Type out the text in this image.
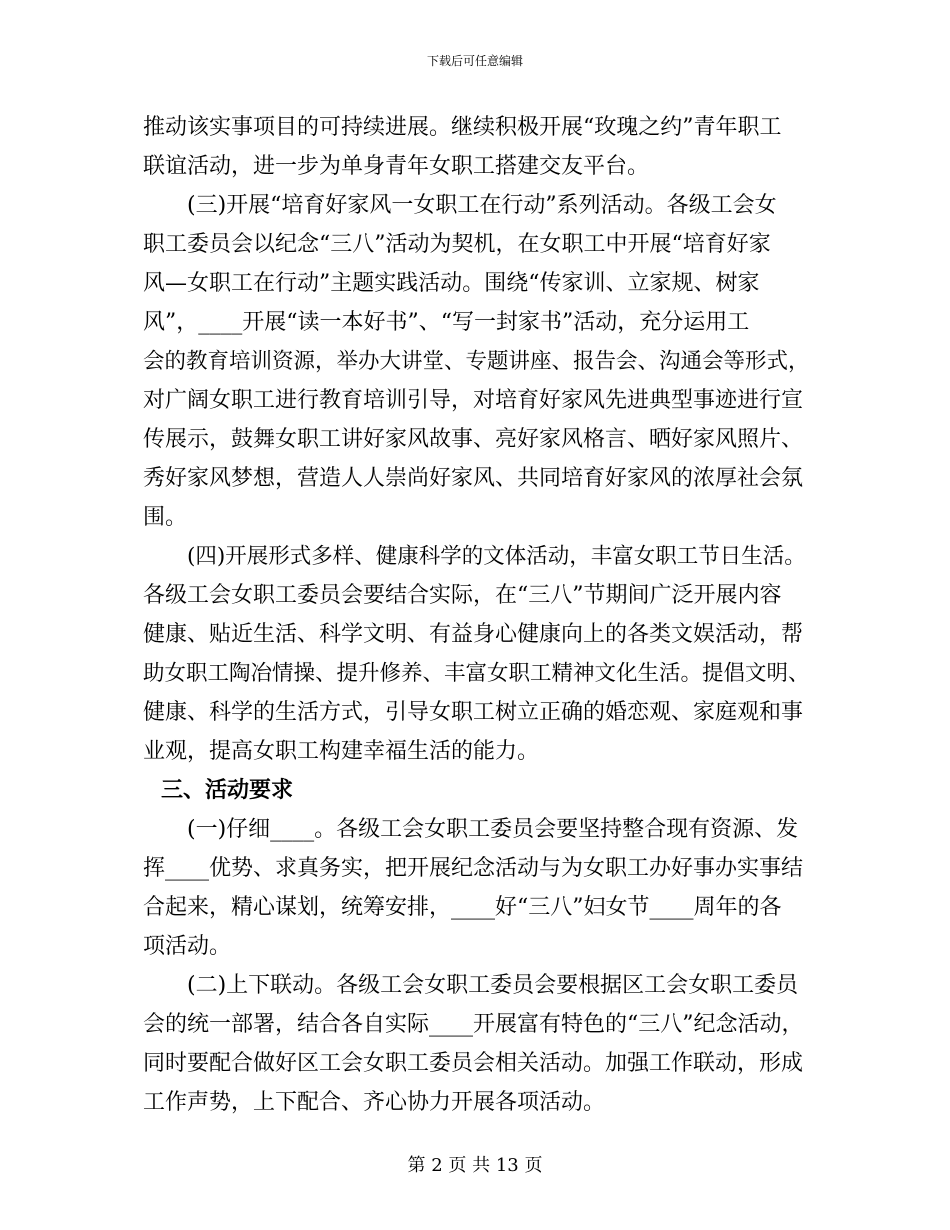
下载后可任意编辑

推动该实事项目的可持续进展。继续积极开展“玫瑰之约”青年职工

联谊活动，进一步为单身青年女职工搭建交友平台。

(三)开展“培育好家风一女职工在行动”系列活动。各级工会女

职工委员会以纪念“三八”活动为契机，在女职工中开展“培育好家

风—女职工在行动”主题实践活动。围绕“传家训、立家规、树家

风”，____开展“读一本好书”、“写一封家书”活动，充分运用工

会的教育培训资源，举办大讲堂、专题讲座、报告会、沟通会等形式，

对广阔女职工进行教育培训引导，对培育好家风先进典型事迹进行宣

传展示，鼓舞女职工讲好家风故事、亮好家风格言、晒好家风照片、

秀好家风梦想，营造人人崇尚好家风、共同培育好家风的浓厚社会氛

围。

(四)开展形式多样、健康科学的文体活动，丰富女职工节日生活。

各级工会女职工委员会要结合实际，在“三八”节期间广泛开展内容

健康、贴近生活、科学文明、有益身心健康向上的各类文娱活动，帮

助女职工陶冶情操、提升修养、丰富女职工精神文化生活。提倡文明、

健康、科学的生活方式，引导女职工树立正确的婚恋观、家庭观和事

业观，提高女职工构建幸福生活的能力。

三、活动要求

(一)仔细____。各级工会女职工委员会要坚持整合现有资源、发

挥____优势、求真务实，把开展纪念活动与为女职工办好事办实事结

合起来，精心谋划，统筹安排，____好“三八”妇女节____周年的各

项活动。

(二)上下联动。各级工会女职工委员会要根据区工会女职工委员

会的统一部署，结合各自实际____开展富有特色的“三八”纪念活动，

同时要配合做好区工会女职工委员会相关活动。加强工作联动，形成

工作声势，上下配合、齐心协力开展各项活动。

第 2 页 共 13 页
